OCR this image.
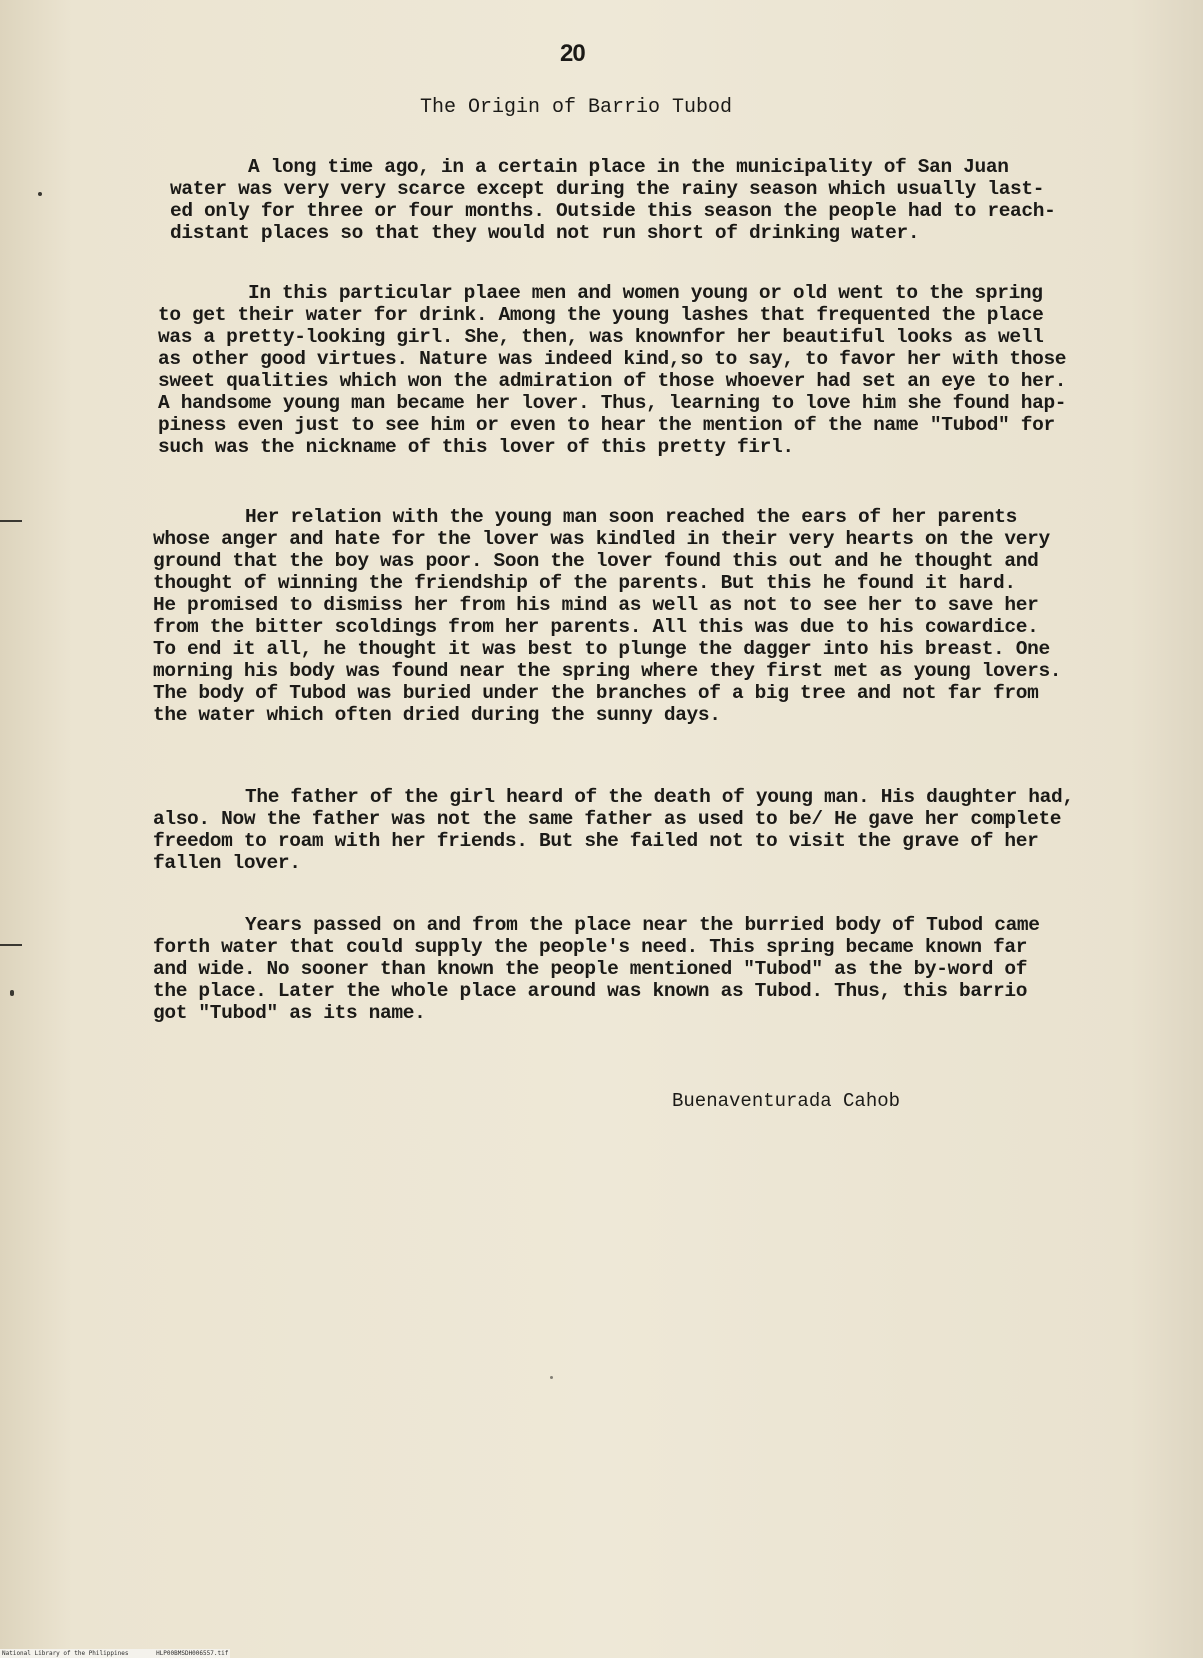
20
The Origin of Barrio Tubod
A long time ago, in a certain place in the municipality of San Juan
water was very very scarce except during the rainy season which usually last-
ed only for three or four months. Outside this season the people had to reach-
distant places so that they would not run short of drinking water.
In this particular plaee men and women young or old went to the spring
to get their water for drink. Among the young lashes that frequented the place
was a pretty-looking girl. She, then, was knownfor her beautiful looks as well
as other good virtues. Nature was indeed kind,so to say, to favor her with those
sweet qualities which won the admiration of those whoever had set an eye to her.
A handsome young man became her lover. Thus, learning to love him she found hap-
piness even just to see him or even to hear the mention of the name "Tubod" for
such was the nickname of this lover of this pretty firl.
Her relation with the young man soon reached the ears of her parents
whose anger and hate for the lover was kindled in their very hearts on the very
ground that the boy was poor. Soon the lover found this out and he thought and
thought of winning the friendship of the parents. But this he found it hard.
He promised to dismiss her from his mind as well as not to see her to save her
from the bitter scoldings from her parents. All this was due to his cowardice.
To end it all, he thought it was best to plunge the dagger into his breast. One
morning his body was found near the spring where they first met as young lovers.
The body of Tubod was buried under the branches of a big tree and not far from
the water which often dried during the sunny days.
The father of the girl heard of the death of young man. His daughter had,
also. Now the father was not the same father as used to be/ He gave her complete
freedom to roam with her friends. But she failed not to visit the grave of her
fallen lover.
Years passed on and from the place near the burried body of Tubod came
forth water that could supply the people's need. This spring became known far
and wide. No sooner than known the people mentioned "Tubod" as the by-word of
the place. Later the whole place around was known as Tubod. Thus, this barrio
got "Tubod" as its name.
Buenaventurada Cahob
National Library of the Philippines	HLP00BMSDH006557.tif
